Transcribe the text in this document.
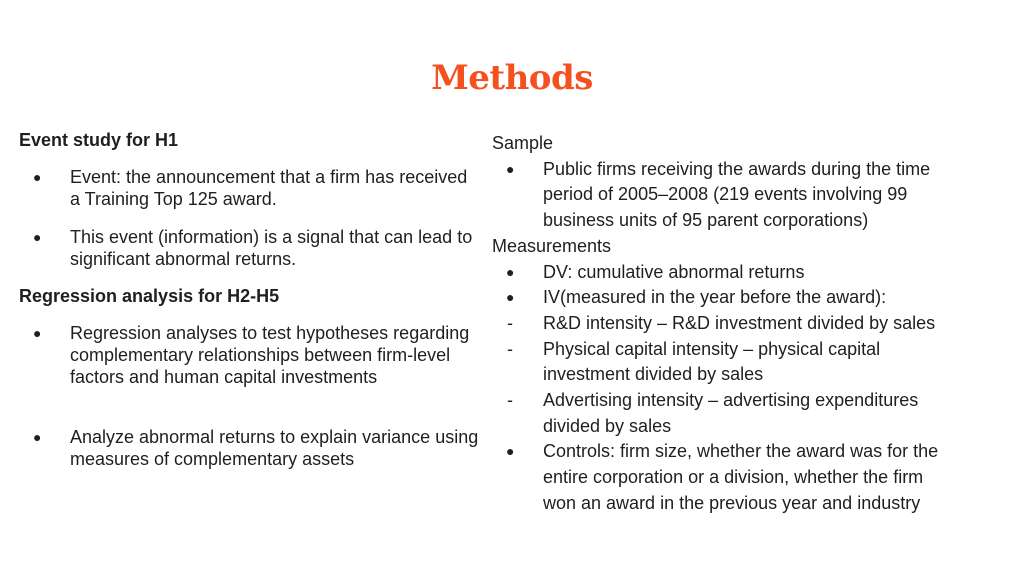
Methods

Event study for H1

● Event: the announcement that a firm has received a Training Top 125 award.
● This event (information) is a signal that can lead to significant abnormal returns.

Regression analysis for H2-H5

● Regression analyses to test hypotheses regarding complementary relationships between firm-level factors and human capital investments
● Analyze abnormal returns to explain variance using measures of complementary assets
Sample
● Public firms receiving the awards during the time
period of 2005–2008 (219 events involving 99
business units of 95 parent corporations)
Measurements
● DV: cumulative abnormal returns
● IV(measured in the year before the award):
- R&D intensity – R&D investment divided by sales
- Physical capital intensity – physical capital
investment divided by sales
- Advertising intensity – advertising expenditures
divided by sales
● Controls: firm size, whether the award was for the
entire corporation or a division, whether the firm
won an award in the previous year and industry
